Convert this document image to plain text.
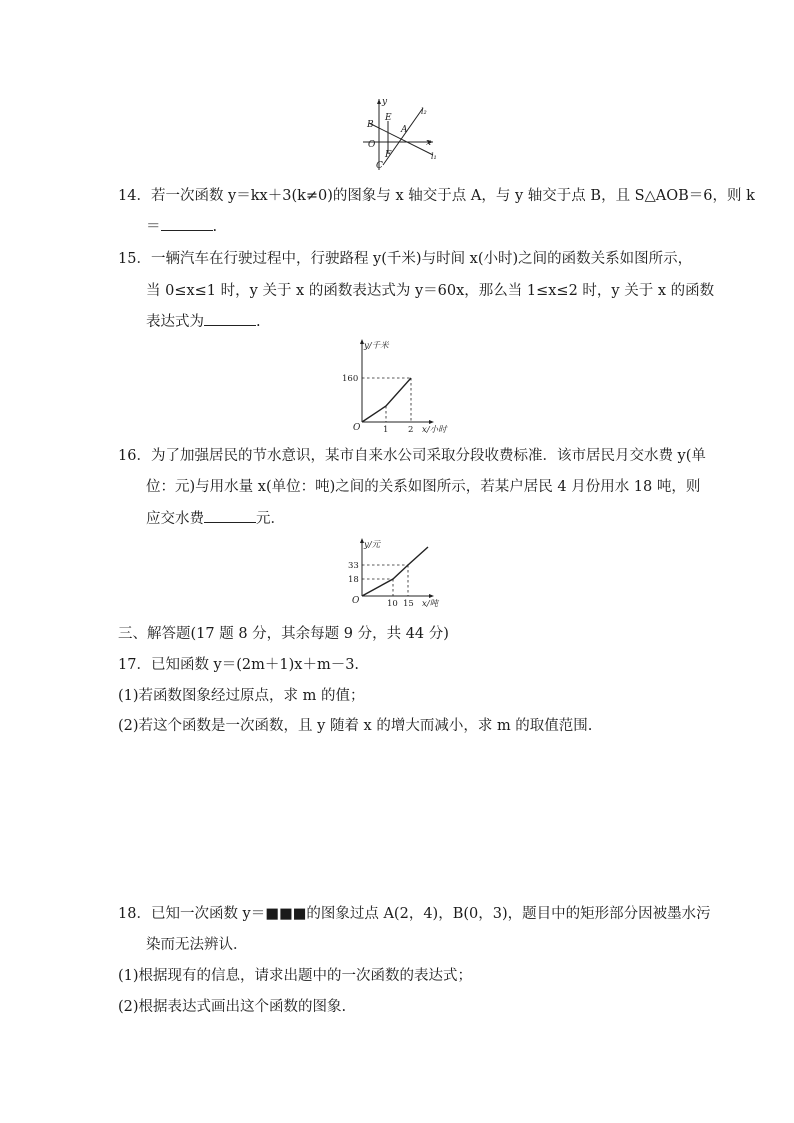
y
l₂
B
E
A
x
O
F	l₁
C
14．若一次函数 y＝kx＋3(k≠0)的图象与 x 轴交于点 A，与 y 轴交于点 B，且 S△AOB＝6，则 k
＝	.
15．一辆汽车在行驶过程中，行驶路程 y(千米)与时间 x(小时)之间的函数关系如图所示，
当 0≤x≤1 时，y 关于 x 的函数表达式为 y＝60x，那么当 1≤x≤2 时，y 关于 x 的函数
表达式为	.
y/千米
160
O	1 2 x/小时
16．为了加强居民的节水意识，某市自来水公司采取分段收费标准．该市居民月交水费 y(单
位：元)与用水量 x(单位：吨)之间的关系如图所示，若某户居民 4 月份用水 18 吨，则
应交水费	元．
y/元
33
18
O	10 15 x/吨
三、解答题(17 题 8 分，其余每题 9 分，共 44 分)
17．已知函数 y＝(2m＋1)x＋m－3.
(1)若函数图象经过原点，求 m 的值；
(2)若这个函数是一次函数，且 y 随着 x 的增大而减小，求 m 的取值范围.
18．已知一次函数 y＝■■■的图象过点 A(2，4)，B(0，3)，题目中的矩形部分因被墨水污
染而无法辨认．
(1)根据现有的信息，请求出题中的一次函数的表达式；
(2)根据表达式画出这个函数的图象.
